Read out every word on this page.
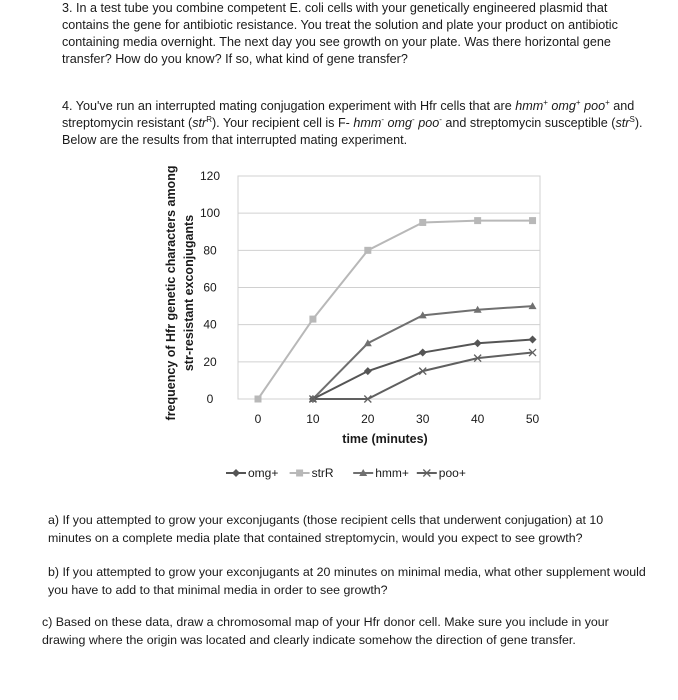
3. In a test tube you combine competent E. coli cells with your genetically engineered plasmid that contains the gene for antibiotic resistance. You treat the solution and plate your product on antibiotic containing media overnight. The next day you see growth on your plate. Was there horizontal gene transfer? How do you know? If so, what kind of gene transfer?
4. You've run an interrupted mating conjugation experiment with Hfr cells that are hmm+ omg+ poo+ and streptomycin resistant (str$^R$). Your recipient cell is F- hmm- omg- poo- and streptomycin susceptible (str$^S$). Below are the results from that interrupted mating experiment.
0
20
40
60
80
100
120
0	10	20	30	40	50
frequency of Hfr genetic characters among str-resistant exconjugants
time (minutes)
omg+	strR	hmm+ poo+
a) If you attempted to grow your exconjugants (those recipient cells that underwent conjugation) at 10 minutes on a complete media plate that contained streptomycin, would you expect to see growth?
b) If you attempted to grow your exconjugants at 20 minutes on minimal media, what other supplement would you have to add to that minimal media in order to see growth?
c) Based on these data, draw a chromosomal map of your Hfr donor cell. Make sure you include in your drawing where the origin was located and clearly indicate somehow the direction of gene transfer.
